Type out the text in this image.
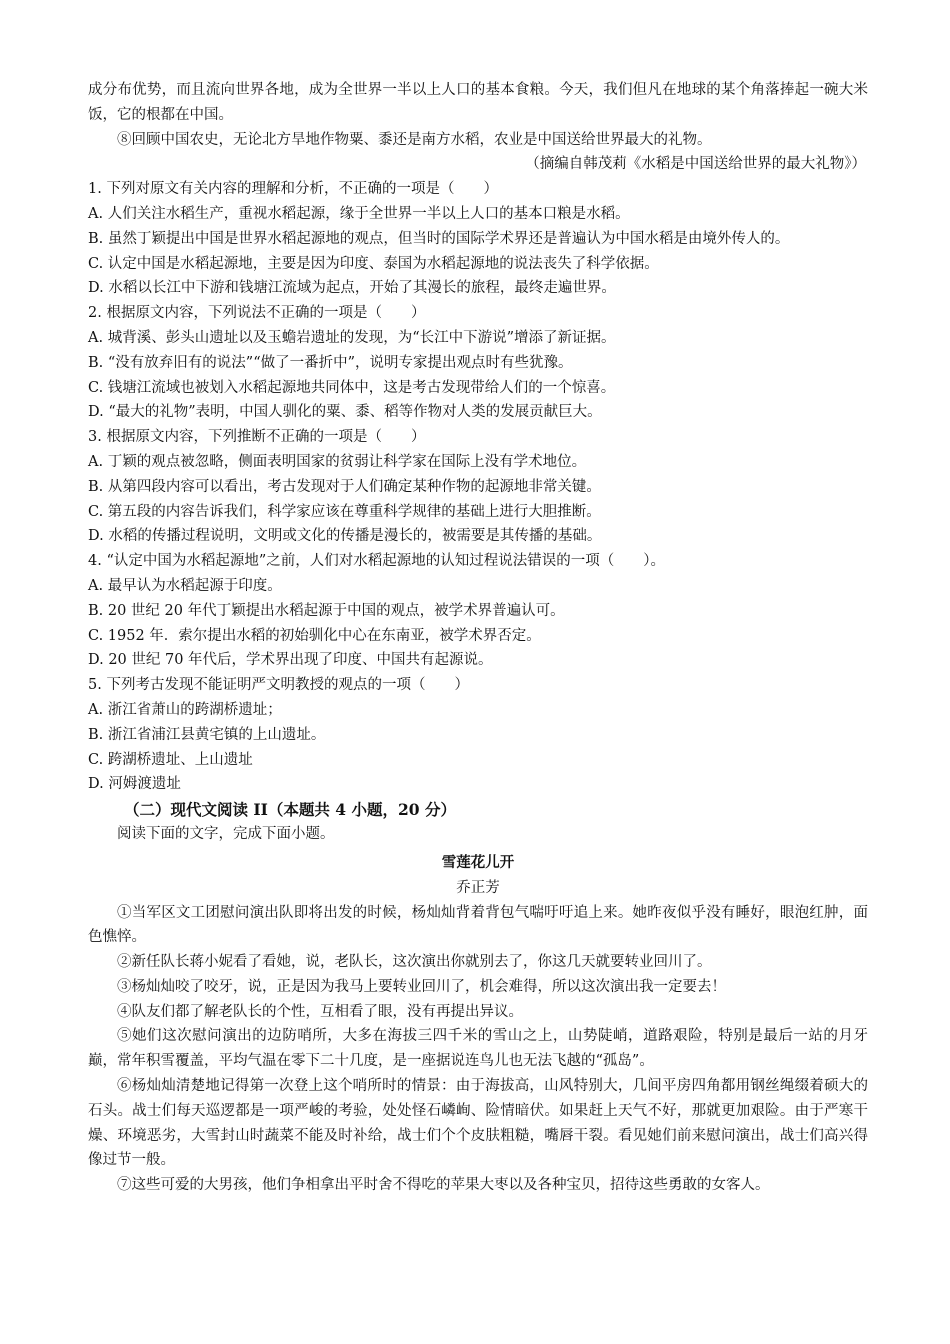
成分布优势，而且流向世界各地，成为全世界一半以上人口的基本食粮。今天，我们但凡在地球的某个角落捧起一碗大米饭，它的根都在中国。

⑧回顾中国农史，无论北方旱地作物粟、黍还是南方水稻，农业是中国送给世界最大的礼物。

（摘编自韩茂莉《水稻是中国送给世界的最大礼物》）

1. 下列对原文有关内容的理解和分析，不正确的一项是（　　）

A. 人们关注水稻生产，重视水稻起源，缘于全世界一半以上人口的基本口粮是水稻。

B. 虽然丁颖提出中国是世界水稻起源地的观点，但当时的国际学术界还是普遍认为中国水稻是由境外传人的。

C. 认定中国是水稻起源地，主要是因为印度、泰国为水稻起源地的说法丧失了科学依据。

D. 水稻以长江中下游和钱塘江流域为起点，开始了其漫长的旅程，最终走遍世界。

2. 根据原文内容，下列说法不正确的一项是（　　）

A. 城背溪、彭头山遗址以及玉蟾岩遗址的发现，为“长江中下游说”增添了新证据。

B. “没有放弃旧有的说法”“做了一番折中”，说明专家提出观点时有些犹豫。

C. 钱塘江流域也被划入水稻起源地共同体中，这是考古发现带给人们的一个惊喜。

D. “最大的礼物”表明，中国人驯化的粟、黍、稻等作物对人类的发展贡献巨大。

3. 根据原文内容，下列推断不正确的一项是（　　）

A. 丁颖的观点被忽略，侧面表明国家的贫弱让科学家在国际上没有学术地位。

B. 从第四段内容可以看出，考古发现对于人们确定某种作物的起源地非常关键。

C. 第五段的内容告诉我们，科学家应该在尊重科学规律的基础上进行大胆推断。

D. 水稻的传播过程说明，文明或文化的传播是漫长的，被需要是其传播的基础。

4. “认定中国为水稻起源地”之前，人们对水稻起源地的认知过程说法错误的一项（　　）。

A. 最早认为水稻起源于印度。

B. 20 世纪 20 年代丁颖提出水稻起源于中国的观点，被学术界普遍认可。

C. 1952 年．索尔提出水稻的初始驯化中心在东南亚，被学术界否定。

D. 20 世纪 70 年代后，学术界出现了印度、中国共有起源说。

5. 下列考古发现不能证明严文明教授的观点的一项（　　）

A. 浙江省萧山的跨湖桥遗址；

B. 浙江省浦江县黄宅镇的上山遗址。

C. 跨湖桥遗址、上山遗址

D. 河姆渡遗址

（二）现代文阅读 II（本题共 4 小题，20 分）

阅读下面的文字，完成下面小题。

雪莲花儿开

乔正芳

①当军区文工团慰问演出队即将出发的时候，杨灿灿背着背包气喘吁吁追上来。她昨夜似乎没有睡好，眼泡红肿，面色憔悴。

②新任队长蒋小妮看了看她，说，老队长，这次演出你就别去了，你这几天就要转业回川了。

③杨灿灿咬了咬牙，说，正是因为我马上要转业回川了，机会难得，所以这次演出我一定要去！

④队友们都了解老队长的个性，互相看了眼，没有再提出异议。

⑤她们这次慰问演出的边防哨所，大多在海拔三四千米的雪山之上，山势陡峭，道路艰险，特别是最后一站的月牙巅，常年积雪覆盖，平均气温在零下二十几度，是一座据说连鸟儿也无法飞越的“孤岛”。

⑥杨灿灿清楚地记得第一次登上这个哨所时的情景：由于海拔高，山风特别大，几间平房四角都用钢丝绳缀着硕大的石头。战士们每天巡逻都是一项严峻的考验，处处怪石嶙峋、险情暗伏。如果赶上天气不好，那就更加艰险。由于严寒干燥、环境恶劣，大雪封山时蔬菜不能及时补给，战士们个个皮肤粗糙，嘴唇干裂。看见她们前来慰问演出，战士们高兴得像过节一般。

⑦这些可爱的大男孩，他们争相拿出平时舍不得吃的苹果大枣以及各种宝贝，招待这些勇敢的女客人。
